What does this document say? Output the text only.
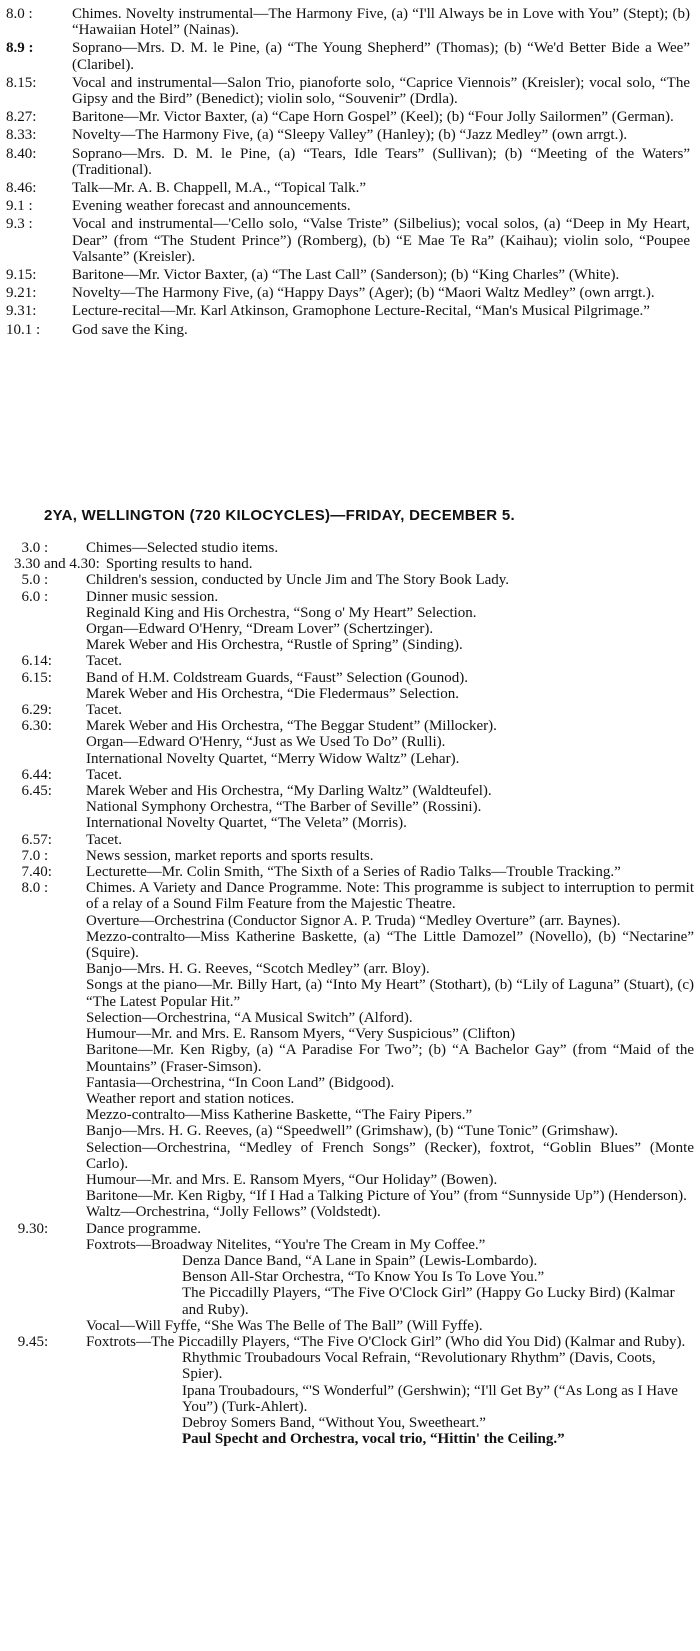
8.0 :	Chimes. Novelty instrumental—The Harmony Five, (a) “I'll Always be in Love with You” (Stept); (b) “Hawaiian Hotel” (Nainas).
8.9 :	Soprano—Mrs. D. M. le Pine, (a) “The Young Shepherd” (Thomas); (b) “We'd Better Bide a Wee” (Claribel).
8.15:	Vocal and instrumental—Salon Trio, pianoforte solo, “Caprice Viennois” (Kreisler); vocal solo, “The Gipsy and the Bird” (Benedict); violin solo, “Souvenir” (Drdla).
8.27:	Baritone—Mr. Victor Baxter, (a) “Cape Horn Gospel” (Keel); (b) “Four Jolly Sailormen” (German).
8.33:	Novelty—The Harmony Five, (a) “Sleepy Valley” (Hanley); (b) “Jazz Medley” (own arrgt.).
8.40:	Soprano—Mrs. D. M. le Pine, (a) “Tears, Idle Tears” (Sullivan); (b) “Meeting of the Waters” (Traditional).
8.46:	Talk—Mr. A. B. Chappell, M.A., “Topical Talk.”
9.1 :	Evening weather forecast and announcements.
9.3 :	Vocal and instrumental—'Cello solo, “Valse Triste” (Silbelius); vocal solos, (a) “Deep in My Heart, Dear” (from “The Student Prince”) (Romberg), (b) “E Mae Te Ra” (Kaihau); violin solo, “Poupee Valsante” (Kreisler).
9.15:	Baritone—Mr. Victor Baxter, (a) “The Last Call” (Sanderson); (b) “King Charles” (White).
9.21:	Novelty—The Harmony Five, (a) “Happy Days” (Ager); (b) “Maori Waltz Medley” (own arrgt.).
9.31:	Lecture-recital—Mr. Karl Atkinson, Gramophone Lecture-Recital, “Man's Musical Pilgrimage.”
10.1 :	God save the King.
2YA, WELLINGTON (720 KILOCYCLES)—FRIDAY, DECEMBER 5.
3.0 :	Chimes—Selected studio items.
3.30 and 4.30: Sporting results to hand.
5.0 :	Children's session, conducted by Uncle Jim and The Story Book Lady.
6.0 :	Dinner music session.
Reginald King and His Orchestra, “Song o' My Heart” Selection.
Organ—Edward O'Henry, “Dream Lover” (Schertzinger).
Marek Weber and His Orchestra, “Rustle of Spring” (Sinding).
6.14:	Tacet.
6.15:	Band of H.M. Coldstream Guards, “Faust” Selection (Gounod).
Marek Weber and His Orchestra, “Die Fledermaus” Selection.
6.29:	Tacet.
6.30:	Marek Weber and His Orchestra, “The Beggar Student” (Millocker).
Organ—Edward O'Henry, “Just as We Used To Do” (Rulli).
International Novelty Quartet, “Merry Widow Waltz” (Lehar).
6.44:	Tacet.
6.45:	Marek Weber and His Orchestra, “My Darling Waltz” (Waldteufel).
National Symphony Orchestra, “The Barber of Seville” (Rossini).
International Novelty Quartet, “The Veleta” (Morris).
6.57:	Tacet.
7.0 :	News session, market reports and sports results.
7.40:	Lecturette—Mr. Colin Smith, “The Sixth of a Series of Radio Talks—Trouble Tracking.”
8.0 :	Chimes. A Variety and Dance Programme. Note: This programme is subject to interruption to permit of a relay of a Sound Film Feature from the Majestic Theatre.
Overture—Orchestrina (Conductor Signor A. P. Truda) “Medley Overture” (arr. Baynes).
Mezzo-contralto—Miss Katherine Baskette, (a) “The Little Damozel” (Novello), (b) “Nectarine” (Squire).
Banjo—Mrs. H. G. Reeves, “Scotch Medley” (arr. Bloy).
Songs at the piano—Mr. Billy Hart, (a) “Into My Heart” (Stothart), (b) “Lily of Laguna” (Stuart), (c) “The Latest Popular Hit.”
Selection—Orchestrina, “A Musical Switch” (Alford).
Humour—Mr. and Mrs. E. Ransom Myers, “Very Suspicious” (Clifton)
Baritone—Mr. Ken Rigby, (a) “A Paradise For Two”; (b) “A Bachelor Gay” (from “Maid of the Mountains” (Fraser-Simson).
Fantasia—Orchestrina, “In Coon Land” (Bidgood).
Weather report and station notices.
Mezzo-contralto—Miss Katherine Baskette, “The Fairy Pipers.”
Banjo—Mrs. H. G. Reeves, (a) “Speedwell” (Grimshaw), (b) “Tune Tonic” (Grimshaw).
Selection—Orchestrina, “Medley of French Songs” (Recker), foxtrot, “Goblin Blues” (Monte Carlo).
Humour—Mr. and Mrs. E. Ransom Myers, “Our Holiday” (Bowen).
Baritone—Mr. Ken Rigby, “If I Had a Talking Picture of You” (from “Sunnyside Up”) (Henderson).
Waltz—Orchestrina, “Jolly Fellows” (Voldstedt).
9.30:	Dance programme.
Foxtrots—Broadway Nitelites, “You're The Cream in My Coffee.”
Denza Dance Band, “A Lane in Spain” (Lewis-Lombardo).
Benson All-Star Orchestra, “To Know You Is To Love You.”
The Piccadilly Players, “The Five O'Clock Girl” (Happy Go Lucky Bird) (Kalmar and Ruby).
Vocal—Will Fyffe, “She Was The Belle of The Ball” (Will Fyffe).
9.45:	Foxtrots—The Piccadilly Players, “The Five O'Clock Girl” (Who did You Did) (Kalmar and Ruby).
Rhythmic Troubadours Vocal Refrain, “Revolutionary Rhythm” (Davis, Coots, Spier).
Ipana Troubadours, “'S Wonderful” (Gershwin); “I'll Get By” (“As Long as I Have You”) (Turk-Ahlert).
Debroy Somers Band, “Without You, Sweetheart.”
Paul Specht and Orchestra, vocal trio, “Hittin' the Ceiling.”
